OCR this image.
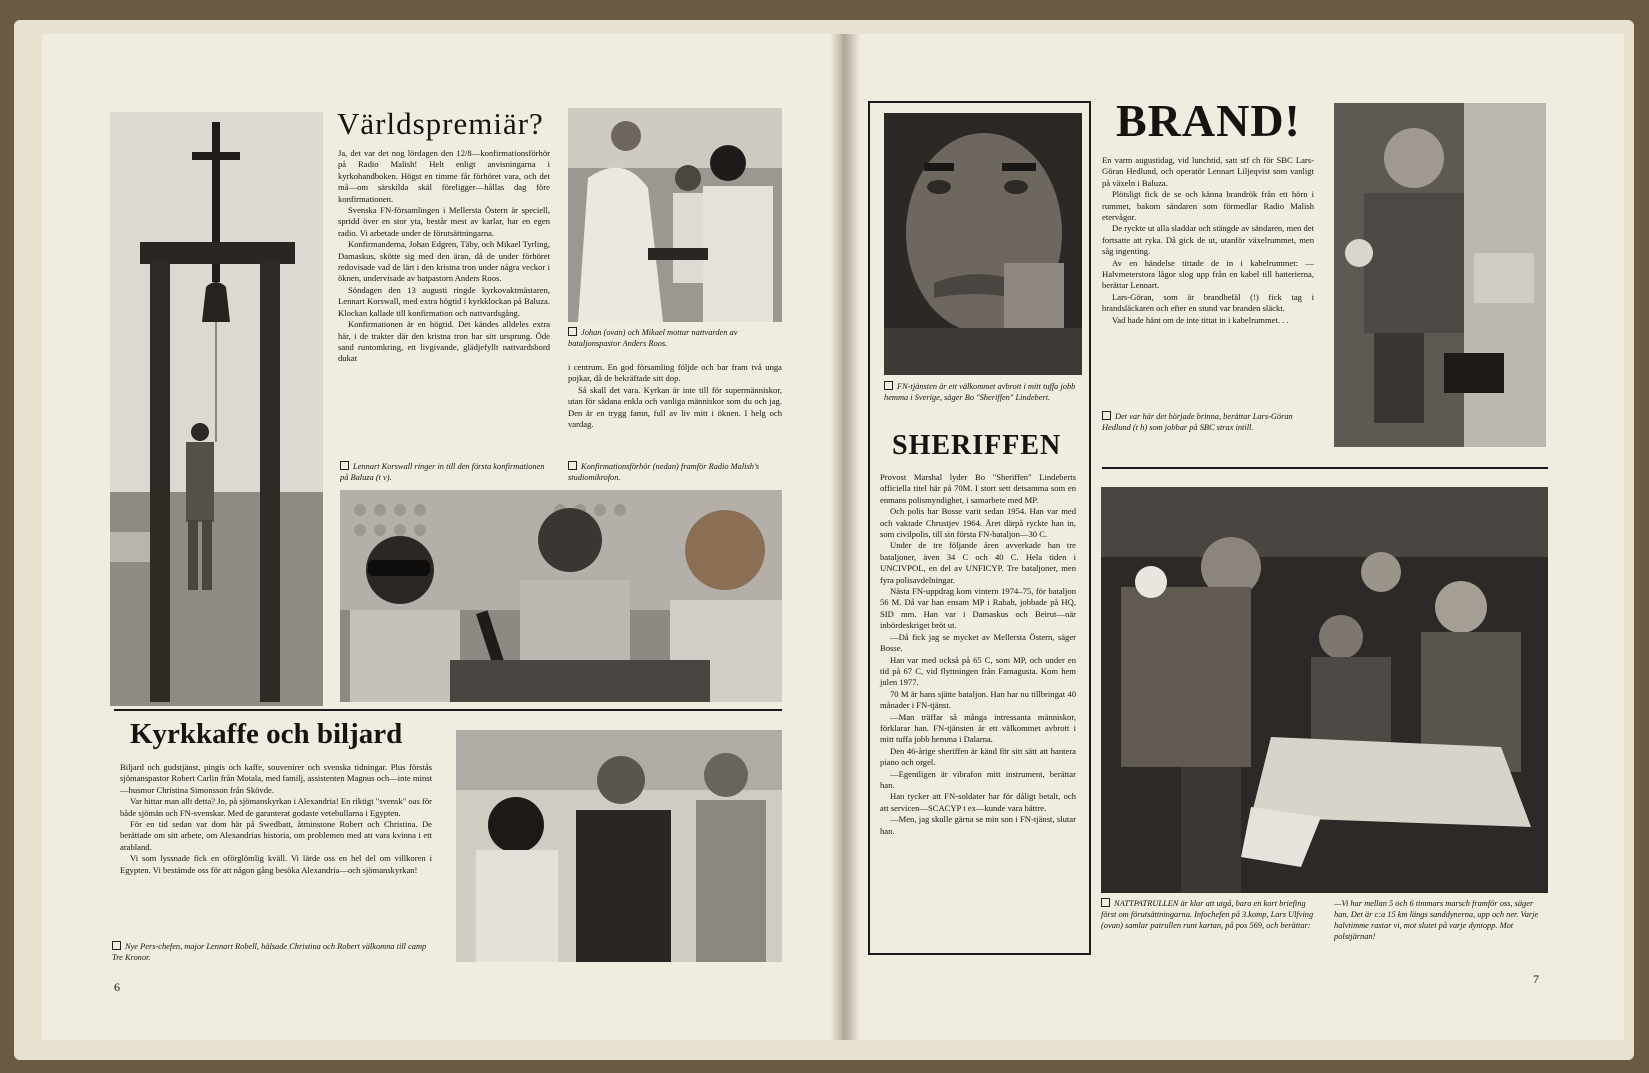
Världspremiär?

Ja, det var det nog lördagen den 12/8—konfirmationsförhör på Radio Malish! Helt enligt anvisningarna i kyrkohandboken. Högst en timme får förhöret vara, och det må—om särskilda skäl föreligger—hållas dag före konfirmationen.

Svenska FN-församlingen i Mellersta Östern är speciell, spridd över en stor yta, består mest av karlar, har en egen radio. Vi arbetade under de förutsättningarna.

Konfirmanderna, Johan Edgren, Täby, och Mikael Tyrling, Damaskus, skötte sig med den äran, då de under förhöret redovisade vad de lärt i den kristna tron under några veckor i öknen, undervisade av batpastorn Anders Roos.

Söndagen den 13 augusti ringde kyrkovaktmästaren, Lennart Korswall, med extra högtid i kyrkklockan på Baluza. Klockan kallade till konfirmation och nattvardsgång.

Konfirmationen är en högtid. Det kändes alldeles extra här, i de trakter där den kristna tron har sitt ursprung. Öde sand runtomkring, ett livgivande, glädjefyllt nattvardsbord dukat

Johan (ovan) och Mikael mottar nattvarden av bataljonspastor Anders Roos.

i centrum. En god församling följde och bar fram två unga pojkar, då de bekräftade sitt dop.

Så skall det vara. Kyrkan är inte till för supermänniskor, utan för sådana enkla och vanliga människor som du och jag. Den är en trygg famn, full av liv mitt i öknen. I helg och vardag.

Lennart Korswall ringer in till den första konfirmationen på Baluza (t v).
Konfirmationsförhör (nedan) framför Radio Malish's studiomikrofon.
Kyrkkaffe och biljard

Biljard och gudstjänst, pingis och kaffe, souvenirer och svenska tidningar. Plus förstås sjömanspastor Robert Carlin från Motala, med familj, assistenten Magnus och—inte minst—husmor Christina Simonsson från Skövde.

Var hittar man allt detta? Jo, på sjömanskyrkan i Alexandria! En riktigt "svensk" oas för både sjömän och FN-svenskar. Med de garanterat godaste vetebullarna i Egypten.

För en tid sedan var dom här på Swedbatt, åtminstone Robert och Christina. De berättade om sitt arbete, om Alexandrias historia, om problemen med att vara kvinna i ett arabland.

Vi som lyssnade fick en oförglömlig kväll. Vi lärde oss en hel del om villkoren i Egypten. Vi bestämde oss för att någon gång besöka Alexandria—och sjömanskyrkan!

Nye Pers-chefen, major Lennart Robell, hälsade Christina och Robert välkomna till camp Tre Kronor.
6
FN-tjänsten är ett välkommet avbrott i mitt tuffa jobb hemma i Sverige, säger Bo "Sheriffen" Lindebert.
SHERIFFEN

Provost Marshal lyder Bo "Sheriffen" Lindeberts officiella titel här på 70M. I stort sett detsamma som en enmans polismyndighet, i samarbete med MP.

Och polis har Bosse varit sedan 1954. Han var med och vaktade Chrustjev 1964. Året därpå ryckte han in, som civilpolis, till sin första FN-bataljon—30 C.

Under de tre följande åren avverkade han tre bataljoner, även 34 C och 40 C. Hela tiden i UNCIVPOL, en del av UNFICYP. Tre bataljoner, men fyra polisavdelningar.

Nästa FN-uppdrag kom vintern 1974–75, för bataljon 56 M. Då var han ensam MP i Rabah, jobbade på HQ, SID mm. Han var i Damaskus och Beirut—när inbördeskriget bröt ut.

—Då fick jag se mycket av Mellersta Östern, säger Bosse.

Han var med också på 65 C, som MP, och under en tid på 67 C, vid flyttningen från Famagusta. Kom hem julen 1977.

70 M är hans sjätte bataljon. Han har nu tillbringat 40 månader i FN-tjänst.

—Man träffar så många intressanta människor, förklarar han. FN-tjänsten är ett välkommet avbrott i mitt tuffa jobb hemma i Dalarna.

Den 46-årige sheriffen är känd för sitt sätt att hantera piano och orgel.

—Egentligen är vibrafon mitt instrument, berättar han.

Han tycker att FN-soldater har för dåligt betalt, och att servicen—SCACYP t ex—kunde vara bättre.

—Men, jag skulle gärna se min son i FN-tjänst, slutar han.

BRAND!

En varm augustidag, vid lunchtid, satt stf ch för SBC Lars-Göran Hedlund, och operatör Lennart Liljeqvist som vanligt på växeln i Baluza.

Plötsligt fick de se och känna brandrök från ett hörn i rummet, bakom sändaren som förmedlar Radio Malish etervågor.

De ryckte ut alla sladdar och stängde av sändaren, men det fortsatte att ryka. Då gick de ut, utanför växelrummet, men såg ingenting.

Av en händelse tittade de in i kabelrummet: —Halvmeterstora lågor slog upp från en kabel till batterierna, berättar Lennart.

Lars-Göran, som är brandbefäl (!) fick tag i brandsläckaren och efter en stund var branden släckt.

Vad hade hänt om de inte tittat in i kabelrummet. . .

Det var här det började brinna, berättar Lars-Göran Hedlund (t h) som jobbar på SBC strax intill.
NATTPATRULLEN är klar att utgå, bara en kort briefing först om förutsättningarna. Infochefen på 3.komp, Lars Ulfving (ovan) samlar patrullen runt kartan, på pos 569, och berättar:
—Vi har mellan 5 och 6 timmars marsch framför oss, säger han. Det är c:a 15 km längs sanddynerna, upp och ner. Varje halvtimme rastar vi, mot slutet på varje dyntopp. Mot polstjärnan!
7
